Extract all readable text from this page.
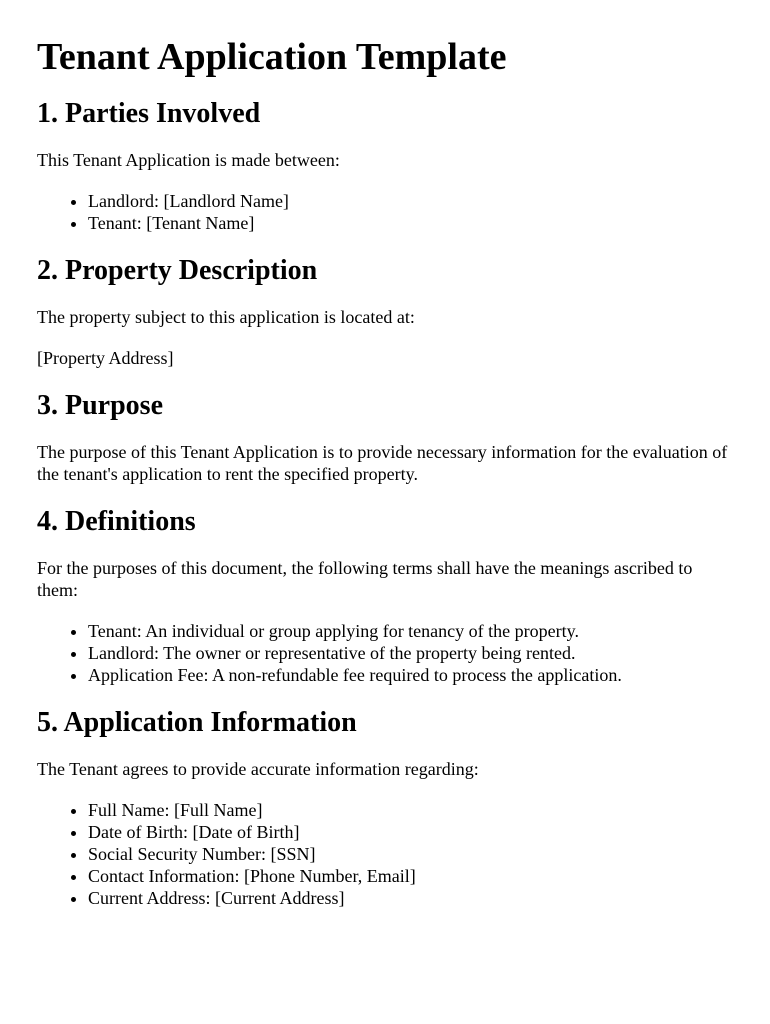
Tenant Application Template
1. Parties Involved

This Tenant Application is made between:

• Landlord: [Landlord Name]
• Tenant: [Tenant Name]
2. Property Description

The property subject to this application is located at:

[Property Address]

3. Purpose

The purpose of this Tenant Application is to provide necessary information for the evaluation of the tenant's application to rent the specified property.

4. Definitions

For the purposes of this document, the following terms shall have the meanings ascribed to them:

• Tenant: An individual or group applying for tenancy of the property.
• Landlord: The owner or representative of the property being rented.
• Application Fee: A non-refundable fee required to process the application.
5. Application Information

The Tenant agrees to provide accurate information regarding:

• Full Name: [Full Name]
• Date of Birth: [Date of Birth]
• Social Security Number: [SSN]
• Contact Information: [Phone Number, Email]
• Current Address: [Current Address]
